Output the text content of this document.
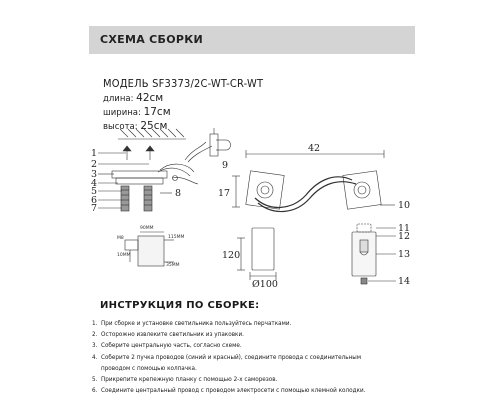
СХЕМА СБОРКИ
МОДЕЛЬ SF3373/2C-WT-CR-WT
длина: 42см
ширина: 17см
высота: 25см
1
2
3
4
5
6
7
8
9
10
11
12
13
14
42
17
120
Ø100
M8
90MM
115MM
10MM
35MM
ИНСТРУКЦИЯ ПО СБОРКЕ:
1. При сборке и установке светильника пользуйтесь перчатками.
2. Осторожно извлеките светильник из упаковки.
3. Соберите центральную часть, согласно схеме.
4. Соберите 2 пучка проводов (синий и красный), соедините провода с соединительным
проводом с помощью колпачка.
5. Прикрепите крепежную планку с помощью 2-х саморезов.
6. Соедините центральный провод с проводом электросети с помощью клемной колодки.
